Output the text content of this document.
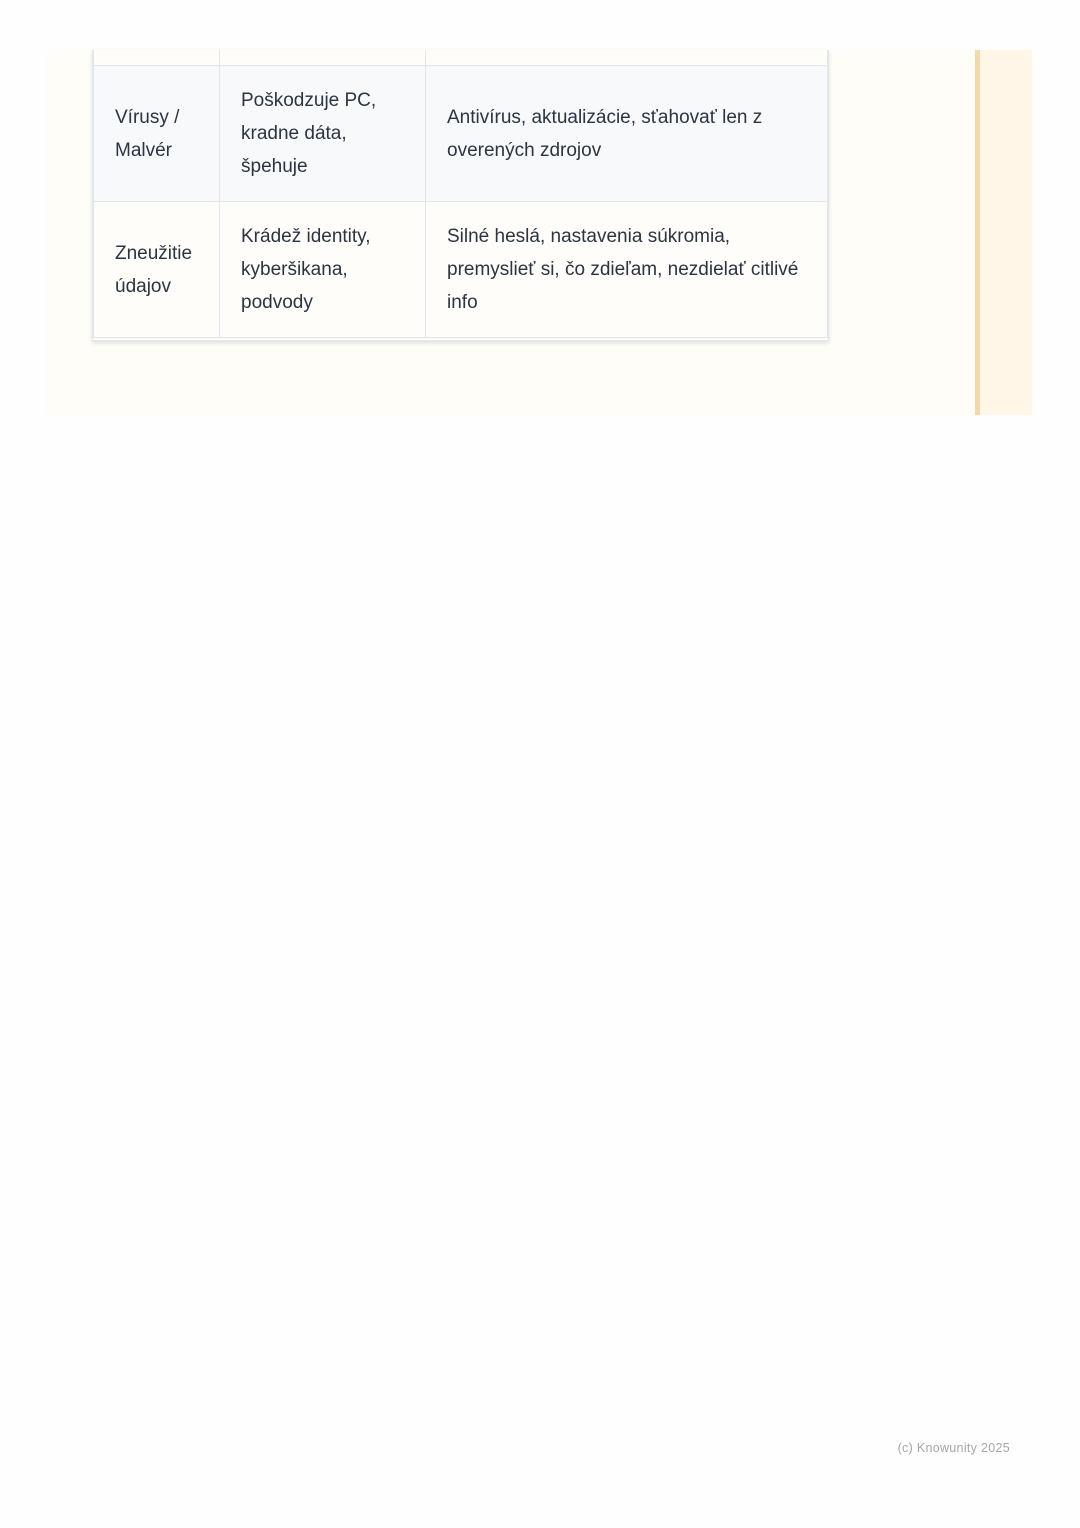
Vírusy / Malvér	Poškodzuje PC, kradne dáta, špehuje	Antivírus, aktualizácie, sťahovať len z overených zdrojov
Zneužitie údajov	Krádež identity, kyberšikana, podvody	Silné heslá, nastavenia súkromia, premyslieť si, čo zdieľam, nezdielať citlivé info
(c) Knowunity 2025
